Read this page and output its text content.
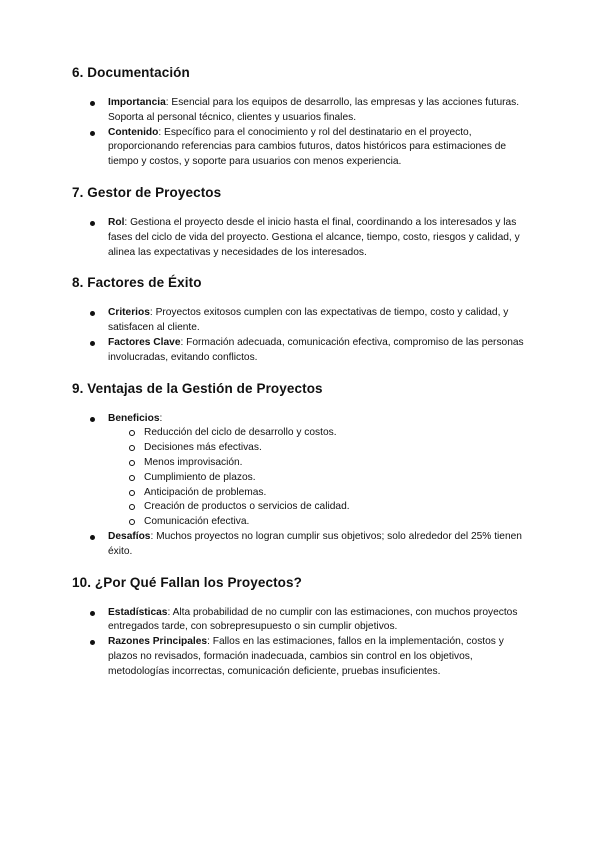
6. Documentación
Importancia: Esencial para los equipos de desarrollo, las empresas y las acciones futuras. Soporta al personal técnico, clientes y usuarios finales.
Contenido: Específico para el conocimiento y rol del destinatario en el proyecto, proporcionando referencias para cambios futuros, datos históricos para estimaciones de tiempo y costos, y soporte para usuarios con menos experiencia.
7. Gestor de Proyectos
Rol: Gestiona el proyecto desde el inicio hasta el final, coordinando a los interesados y las fases del ciclo de vida del proyecto. Gestiona el alcance, tiempo, costo, riesgos y calidad, y alinea las expectativas y necesidades de los interesados.
8. Factores de Éxito
Criterios: Proyectos exitosos cumplen con las expectativas de tiempo, costo y calidad, y satisfacen al cliente.
Factores Clave: Formación adecuada, comunicación efectiva, compromiso de las personas involucradas, evitando conflictos.
9. Ventajas de la Gestión de Proyectos
Beneficios:
Reducción del ciclo de desarrollo y costos.
Decisiones más efectivas.
Menos improvisación.
Cumplimiento de plazos.
Anticipación de problemas.
Creación de productos o servicios de calidad.
Comunicación efectiva.
Desafíos: Muchos proyectos no logran cumplir sus objetivos; solo alrededor del 25% tienen éxito.
10. ¿Por Qué Fallan los Proyectos?
Estadísticas: Alta probabilidad de no cumplir con las estimaciones, con muchos proyectos entregados tarde, con sobrepresupuesto o sin cumplir objetivos.
Razones Principales: Fallos en las estimaciones, fallos en la implementación, costos y plazos no revisados, formación inadecuada, cambios sin control en los objetivos, metodologías incorrectas, comunicación deficiente, pruebas insuficientes.
